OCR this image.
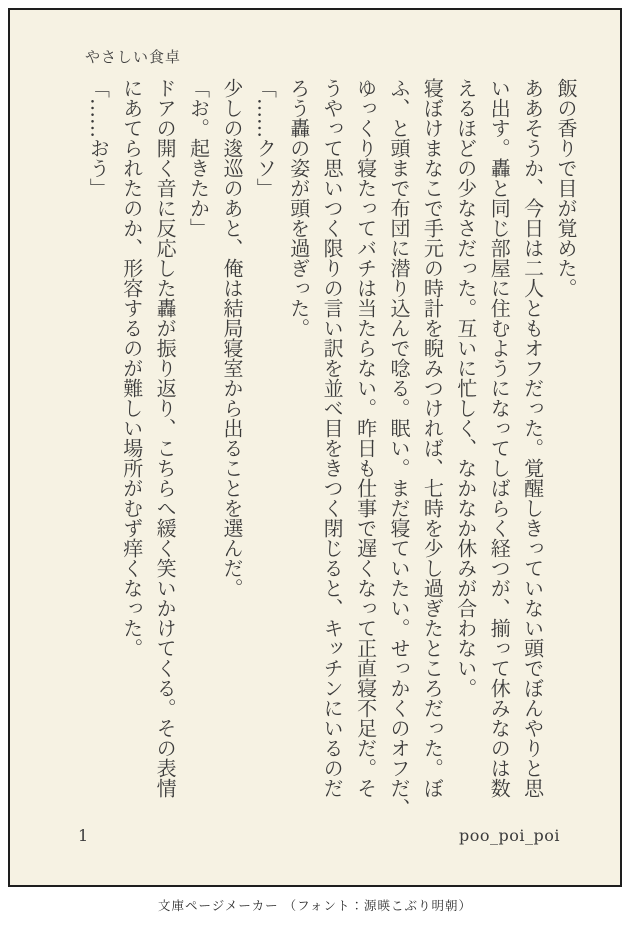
やさしい食卓

飯の香りで目が覚めた。

ああそうか、今日は二人ともオフだった。覚醒しきっていない頭でぼんやりと思

い出す。轟と同じ部屋に住むようになってしばらく経つが、揃って休みなのは数

えるほどの少なさだった。互いに忙しく、なかなか休みが合わない。

寝ぼけまなこで手元の時計を睨みつければ、七時を少し過ぎたところだった。ぼ

ふ、と頭まで布団に潜り込んで唸る。眠い。まだ寝ていたい。せっかくのオフだ、

ゆっくり寝たってバチは当たらない。昨日も仕事で遅くなって正直寝不足だ。そ

うやって思いつく限りの言い訳を並べ目をきつく閉じると、キッチンにいるのだ

ろう轟の姿が頭を過ぎった。

「……クソ」

少しの逡巡のあと、俺は結局寝室から出ることを選んだ。

「お。起きたか」

ドアの開く音に反応した轟が振り返り、こちらへ緩く笑いかけてくる。その表情

にあてられたのか、形容するのが難しい場所がむず痒くなった。

「……おう」

1	poo_poi_poi
文庫ページメーカー （フォント：源暎こぶり明朝）
